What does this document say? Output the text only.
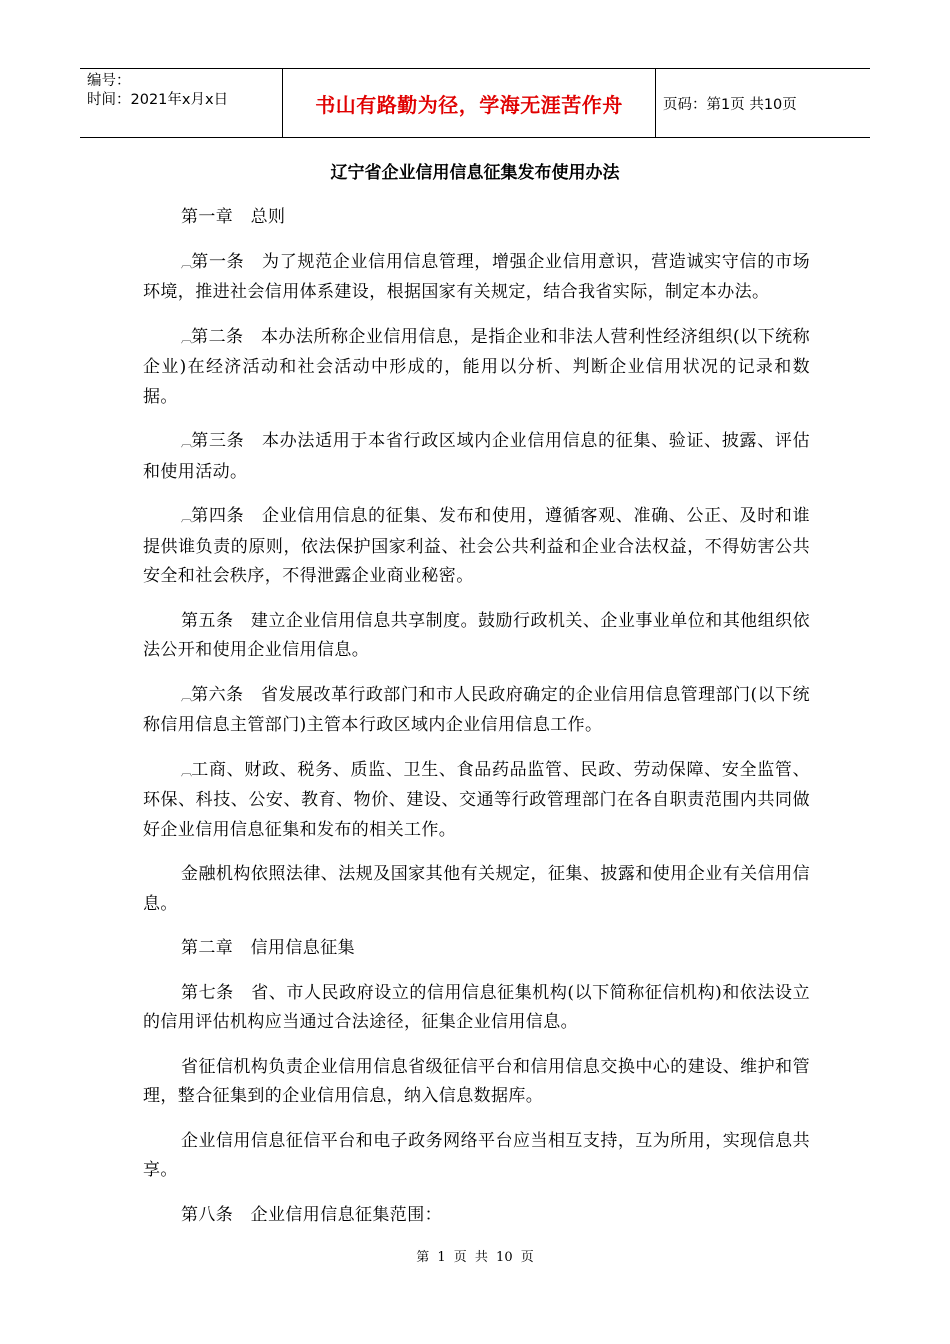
编号：
时间：2021年x月x日	书山有路勤为径，学海无涯苦作舟	页码：第1页 共10页
辽宁省企业信用信息征集发布使用办法

第一章　总则

︹第一条　为了规范企业信用信息管理，增强企业信用意识，营造诚实守信的市场环境，推进社会信用体系建设，根据国家有关规定，结合我省实际，制定本办法。

︹第二条　本办法所称企业信用信息，是指企业和非法人营利性经济组织(以下统称企业)在经济活动和社会活动中形成的，能用以分析、判断企业信用状况的记录和数据。

︹第三条　本办法适用于本省行政区域内企业信用信息的征集、验证、披露、评估和使用活动。

︹第四条　企业信用信息的征集、发布和使用，遵循客观、准确、公正、及时和谁提供谁负责的原则，依法保护国家利益、社会公共利益和企业合法权益，不得妨害公共安全和社会秩序，不得泄露企业商业秘密。

第五条　建立企业信用信息共享制度。鼓励行政机关、企业事业单位和其他组织依法公开和使用企业信用信息。

︹第六条　省发展改革行政部门和市人民政府确定的企业信用信息管理部门(以下统称信用信息主管部门)主管本行政区域内企业信用信息工作。

︹工商、财政、税务、质监、卫生、食品药品监管、民政、劳动保障、安全监管、环保、科技、公安、教育、物价、建设、交通等行政管理部门在各自职责范围内共同做好企业信用信息征集和发布的相关工作。

金融机构依照法律、法规及国家其他有关规定，征集、披露和使用企业有关信用信息。

第二章　信用信息征集

第七条　省、市人民政府设立的信用信息征集机构(以下简称征信机构)和依法设立的信用评估机构应当通过合法途径，征集企业信用信息。

省征信机构负责企业信用信息省级征信平台和信用信息交换中心的建设、维护和管理，整合征集到的企业信用信息，纳入信息数据库。

企业信用信息征信平台和电子政务网络平台应当相互支持，互为所用，实现信息共享。

第八条　企业信用信息征集范围：

第 1 页 共 10 页
